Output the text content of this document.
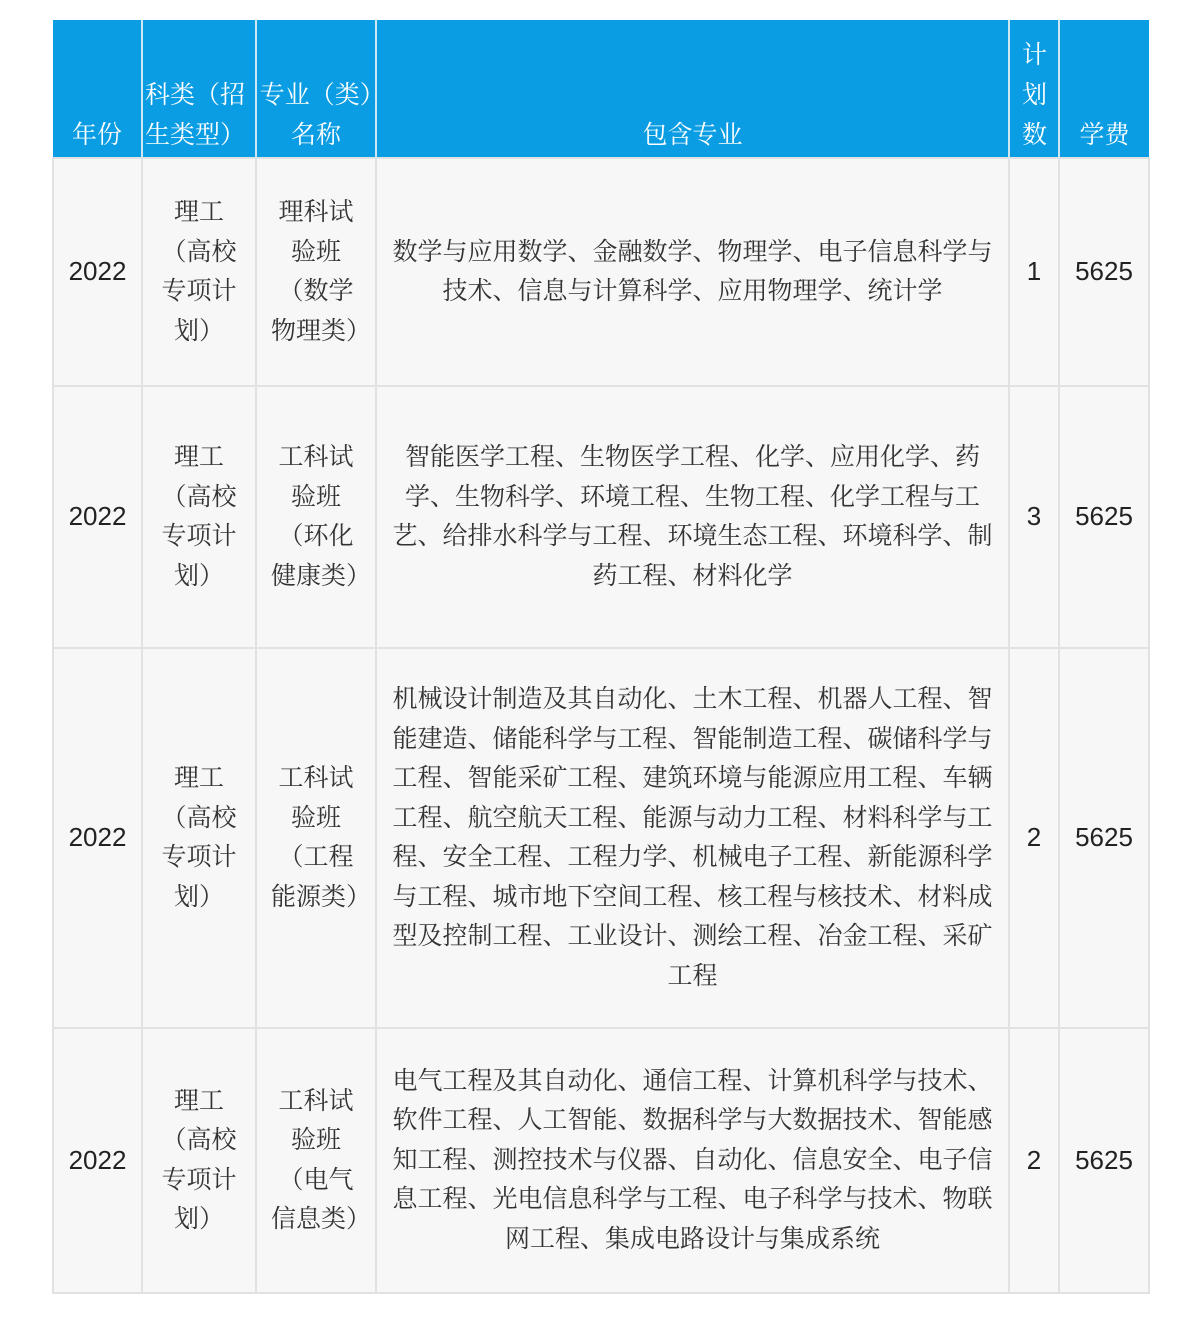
年份	科类（招生类型）	专业（类）名称	包含专业	计划数	学费
2022	理工（高校专项计划）	理科试验班（数学物理类）	数学与应用数学、金融数学、物理学、电子信息科学与技术、信息与计算科学、应用物理学、统计学	1	5625
2022	理工（高校专项计划）	工科试验班（环化健康类）	智能医学工程、生物医学工程、化学、应用化学、药学、生物科学、环境工程、生物工程、化学工程与工艺、给排水科学与工程、环境生态工程、环境科学、制药工程、材料化学	3	5625
2022	理工（高校专项计划）	工科试验班（工程能源类）	机械设计制造及其自动化、土木工程、机器人工程、智能建造、储能科学与工程、智能制造工程、碳储科学与工程、智能采矿工程、建筑环境与能源应用工程、车辆工程、航空航天工程、能源与动力工程、材料科学与工程、安全工程、工程力学、机械电子工程、新能源科学与工程、城市地下空间工程、核工程与核技术、材料成型及控制工程、工业设计、测绘工程、冶金工程、采矿工程	2	5625
2022	理工（高校专项计划）	工科试验班（电气信息类）	电气工程及其自动化、通信工程、计算机科学与技术、软件工程、人工智能、数据科学与大数据技术、智能感知工程、测控技术与仪器、自动化、信息安全、电子信息工程、光电信息科学与工程、电子科学与技术、物联网工程、集成电路设计与集成系统	2	5625
